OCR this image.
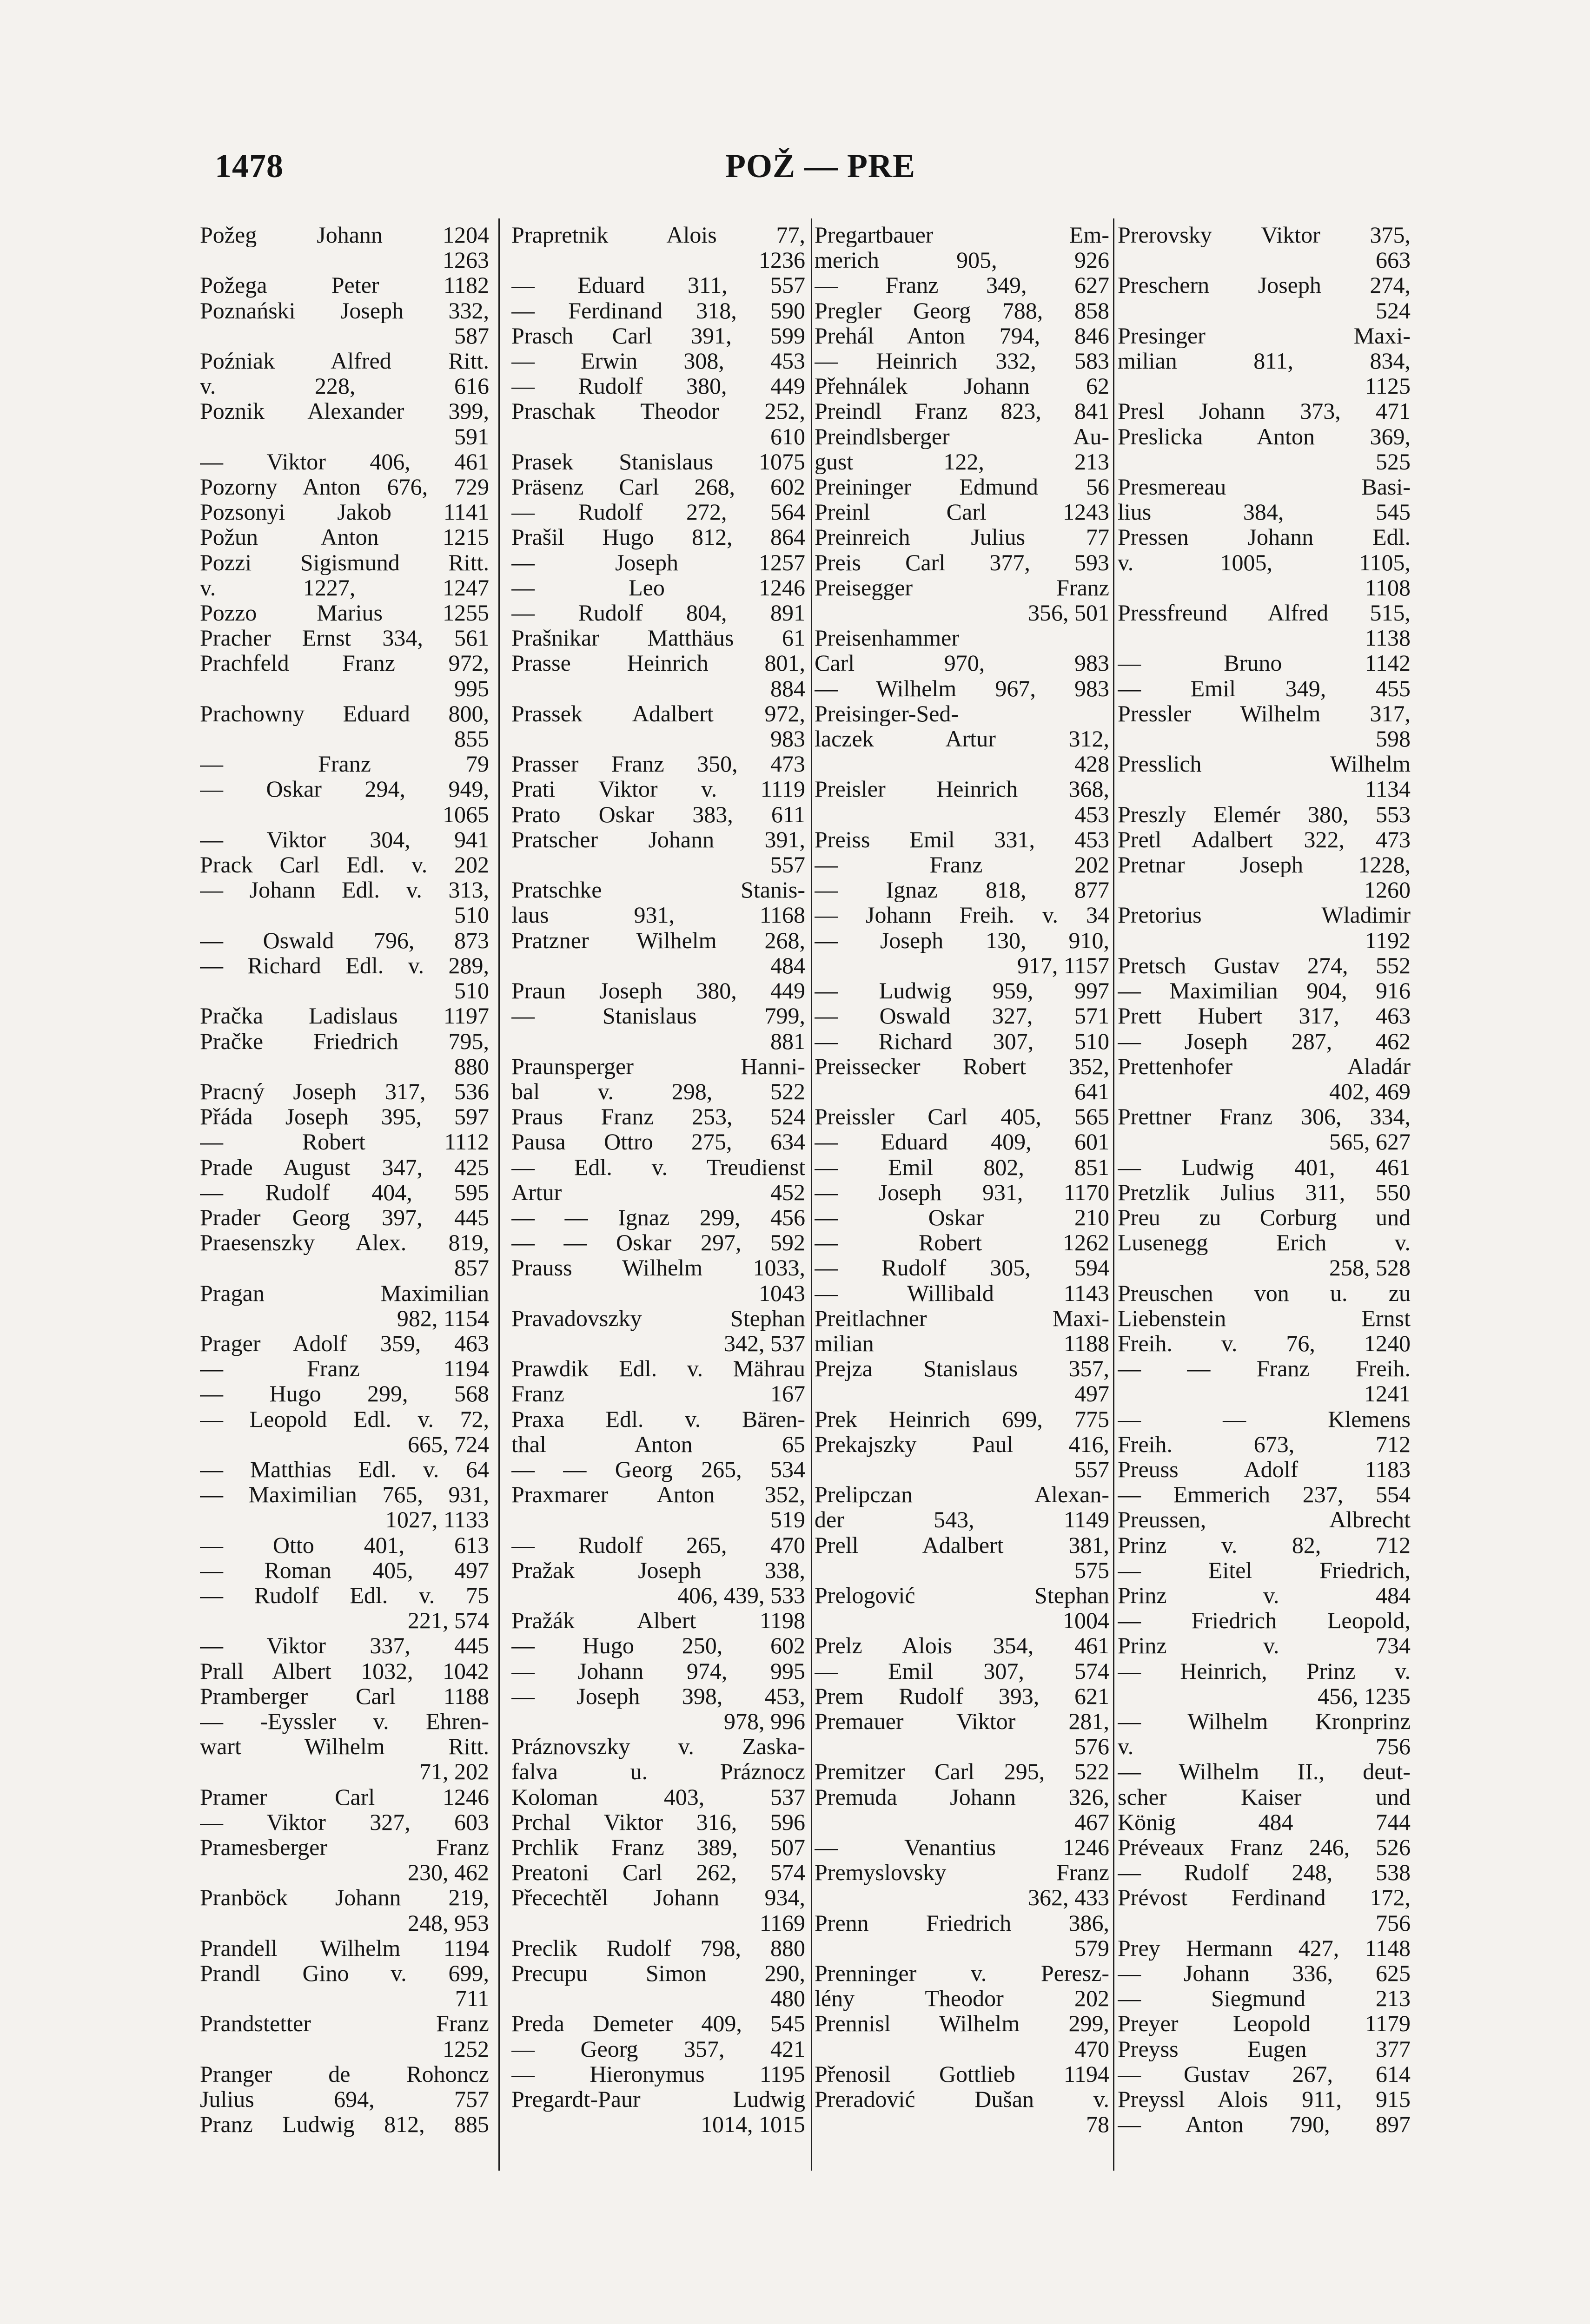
1478	POŽ — PRE
Požeg Johann 1204
1263
Požega Peter 1182
Poznański Joseph 332,
587
Poźniak Alfred Ritt.
v. 228, 616
Poznik Alexander 399,
591
— Viktor 406, 461
Pozorny Anton 676, 729
Pozsonyi Jakob 1141
Požun Anton 1215
Pozzi Sigismund Ritt.
v. 1227, 1247
Pozzo Marius 1255
Pracher Ernst 334, 561
Prachfeld Franz 972,
995
Prachowny Eduard 800,
855
— Franz 79
— Oskar 294, 949,
1065
— Viktor 304, 941
Prack Carl Edl. v. 202
— Johann Edl. v. 313,
510
— Oswald 796, 873
— Richard Edl. v. 289,
510
Pračka Ladislaus 1197
Pračke Friedrich 795,
880
Pracný Joseph 317, 536
Přáda Joseph 395, 597
— Robert 1112
Prade August 347, 425
— Rudolf 404, 595
Prader Georg 397, 445
Praesenszky Alex. 819,
857
Pragan Maximilian
982, 1154
Prager Adolf 359, 463
— Franz 1194
— Hugo 299, 568
— Leopold Edl. v. 72,
665, 724
— Matthias Edl. v. 64
— Maximilian 765, 931,
1027, 1133
— Otto 401, 613
— Roman 405, 497
— Rudolf Edl. v. 75
221, 574
— Viktor 337, 445
Prall Albert 1032, 1042
Pramberger Carl 1188
— -Eyssler v. Ehren-
wart Wilhelm Ritt.
71, 202
Pramer Carl 1246
— Viktor 327, 603
Pramesberger Franz
230, 462
Pranböck Johann 219,
248, 953
Prandell Wilhelm 1194
Prandl Gino v. 699,
711
Prandstetter Franz
1252
Pranger de Rohoncz
Julius 694, 757
Pranz Ludwig 812, 885
Prapretnik Alois 77,
1236
— Eduard 311, 557
— Ferdinand 318, 590
Prasch Carl 391, 599
— Erwin 308, 453
— Rudolf 380, 449
Praschak Theodor 252,
610
Prasek Stanislaus 1075
Präsenz Carl 268, 602
— Rudolf 272, 564
Prašil Hugo 812, 864
— Joseph 1257
— Leo 1246
— Rudolf 804, 891
Prašnikar Matthäus 61
Prasse Heinrich 801,
884
Prassek Adalbert 972,
983
Prasser Franz 350, 473
Prati Viktor v. 1119
Prato Oskar 383, 611
Pratscher Johann 391,
557
Pratschke Stanis-
laus 931, 1168
Pratzner Wilhelm 268,
484
Praun Joseph 380, 449
— Stanislaus 799,
881
Praunsperger Hanni-
bal v. 298, 522
Praus Franz 253, 524
Pausa Ottro 275, 634
— Edl. v. Treudienst
Artur 452
— — Ignaz 299, 456
— — Oskar 297, 592
Prauss Wilhelm 1033,
1043
Pravadovszky Stephan
342, 537
Prawdik Edl. v. Mährau
Franz 167
Praxa Edl. v. Bären-
thal Anton 65
— — Georg 265, 534
Praxmarer Anton 352,
519
— Rudolf 265, 470
Pražak Joseph 338,
406, 439, 533
Pražák Albert 1198
— Hugo 250, 602
— Johann 974, 995
— Joseph 398, 453,
978, 996
Práznovszky v. Zaska-
falva u. Práznocz
Koloman 403, 537
Prchal Viktor 316, 596
Prchlik Franz 389, 507
Preatoni Carl 262, 574
Přecechtěl Johann 934,
1169
Preclik Rudolf 798, 880
Precupu Simon 290,
480
Preda Demeter 409, 545
— Georg 357, 421
— Hieronymus 1195
Pregardt-Paur Ludwig
1014, 1015
Pregartbauer Em-
merich 905, 926
— Franz 349, 627
Pregler Georg 788, 858
Prehál Anton 794, 846
— Heinrich 332, 583
Přehnálek Johann 62
Preindl Franz 823, 841
Preindlsberger Au-
gust 122, 213
Preininger Edmund 56
Preinl Carl 1243
Preinreich Julius 77
Preis Carl 377, 593
Preisegger Franz
356, 501
Preisenhammer
Carl 970, 983
— Wilhelm 967, 983
Preisinger-Sed-
laczek Artur 312,
428
Preisler Heinrich 368,
453
Preiss Emil 331, 453
— Franz 202
— Ignaz 818, 877
— Johann Freih. v. 34
— Joseph 130, 910,
917, 1157
— Ludwig 959, 997
— Oswald 327, 571
— Richard 307, 510
Preissecker Robert 352,
641
Preissler Carl 405, 565
— Eduard 409, 601
— Emil 802, 851
— Joseph 931, 1170
— Oskar 210
— Robert 1262
— Rudolf 305, 594
— Willibald 1143
Preitlachner Maxi-
milian 1188
Prejza Stanislaus 357,
497
Prek Heinrich 699, 775
Prekajszky Paul 416,
557
Prelipczan Alexan-
der 543, 1149
Prell Adalbert 381,
575
Prelogović Stephan
1004
Prelz Alois 354, 461
— Emil 307, 574
Prem Rudolf 393, 621
Premauer Viktor 281,
576
Premitzer Carl 295, 522
Premuda Johann 326,
467
— Venantius 1246
Premyslovsky Franz
362, 433
Prenn Friedrich 386,
579
Prenninger v. Peresz-
lény Theodor 202
Prennisl Wilhelm 299,
470
Přenosil Gottlieb 1194
Preradović Dušan v.
78
Prerovsky Viktor 375,
663
Preschern Joseph 274,
524
Presinger Maxi-
milian 811, 834,
1125
Presl Johann 373, 471
Preslicka Anton 369,
525
Presmereau Basi-
lius 384, 545
Pressen Johann Edl.
v. 1005, 1105,
1108
Pressfreund Alfred 515,
1138
— Bruno 1142
— Emil 349, 455
Pressler Wilhelm 317,
598
Presslich Wilhelm
1134
Preszly Elemér 380, 553
Pretl Adalbert 322, 473
Pretnar Joseph 1228,
1260
Pretorius Wladimir
1192
Pretsch Gustav 274, 552
— Maximilian 904, 916
Prett Hubert 317, 463
— Joseph 287, 462
Prettenhofer Aladár
402, 469
Prettner Franz 306, 334,
565, 627
— Ludwig 401, 461
Pretzlik Julius 311, 550
Preu zu Corburg und
Lusenegg Erich v.
258, 528
Preuschen von u. zu
Liebenstein Ernst
Freih. v. 76, 1240
— — Franz Freih.
1241
— — Klemens
Freih. 673, 712
Preuss Adolf 1183
— Emmerich 237, 554
Preussen, Albrecht
Prinz v. 82, 712
— Eitel Friedrich,
Prinz v. 484
— Friedrich Leopold,
Prinz v. 734
— Heinrich, Prinz v.
456, 1235
— Wilhelm Kronprinz
v. 756
— Wilhelm II., deut-
scher Kaiser und
König 484 744
Préveaux Franz 246, 526
— Rudolf 248, 538
Prévost Ferdinand 172,
756
Prey Hermann 427, 1148
— Johann 336, 625
— Siegmund 213
Preyer Leopold 1179
Preyss Eugen 377
— Gustav 267, 614
Preyssl Alois 911, 915
— Anton 790, 897
